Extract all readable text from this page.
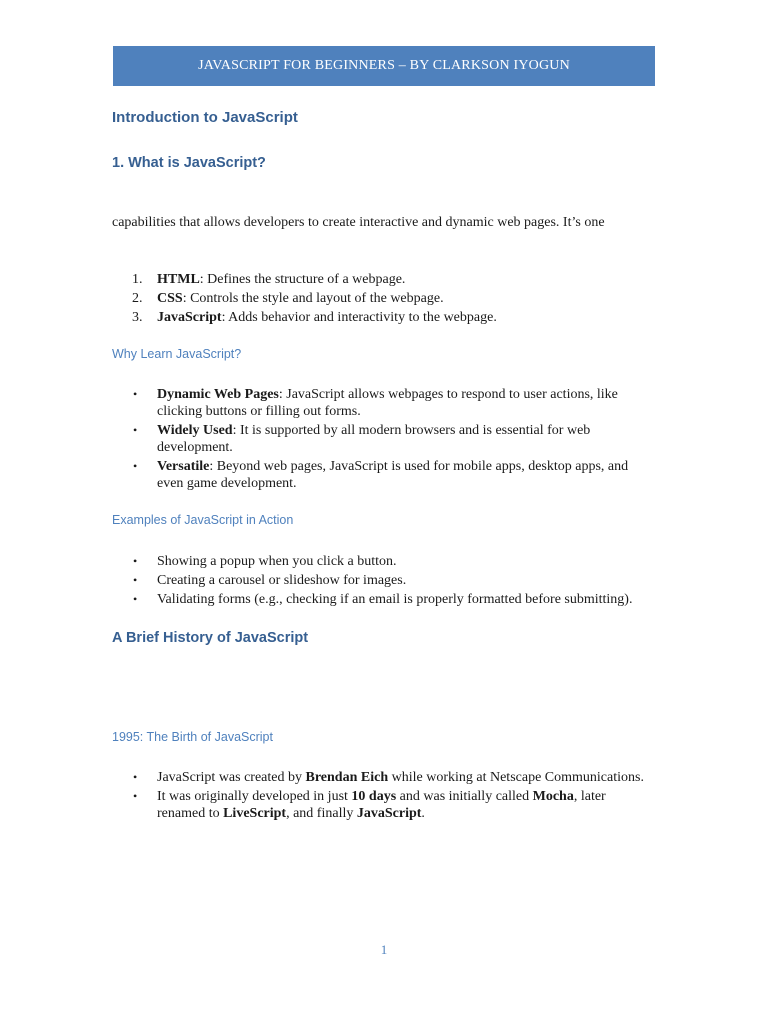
JAVASCRIPT FOR BEGINNERS – BY CLARKSON IYOGUN
Introduction to JavaScript
1. What is JavaScript?

capabilities that allows developers to create interactive and dynamic web pages. It’s one

1. HTML: Defines the structure of a webpage.
2. CSS: Controls the style and layout of the webpage.
3. JavaScript: Adds behavior and interactivity to the webpage.
Why Learn JavaScript?
• Dynamic Web Pages: JavaScript allows webpages to respond to user actions, like clicking buttons or filling out forms.
• Widely Used: It is supported by all modern browsers and is essential for web development.
• Versatile: Beyond web pages, JavaScript is used for mobile apps, desktop apps, and even game development.
Examples of JavaScript in Action
• Showing a popup when you click a button.
• Creating a carousel or slideshow for images.
• Validating forms (e.g., checking if an email is properly formatted before submitting).
A Brief History of JavaScript
1995: The Birth of JavaScript
• JavaScript was created by Brendan Eich while working at Netscape Communications.
• It was originally developed in just 10 days and was initially called Mocha, later renamed to LiveScript, and finally JavaScript.
1
